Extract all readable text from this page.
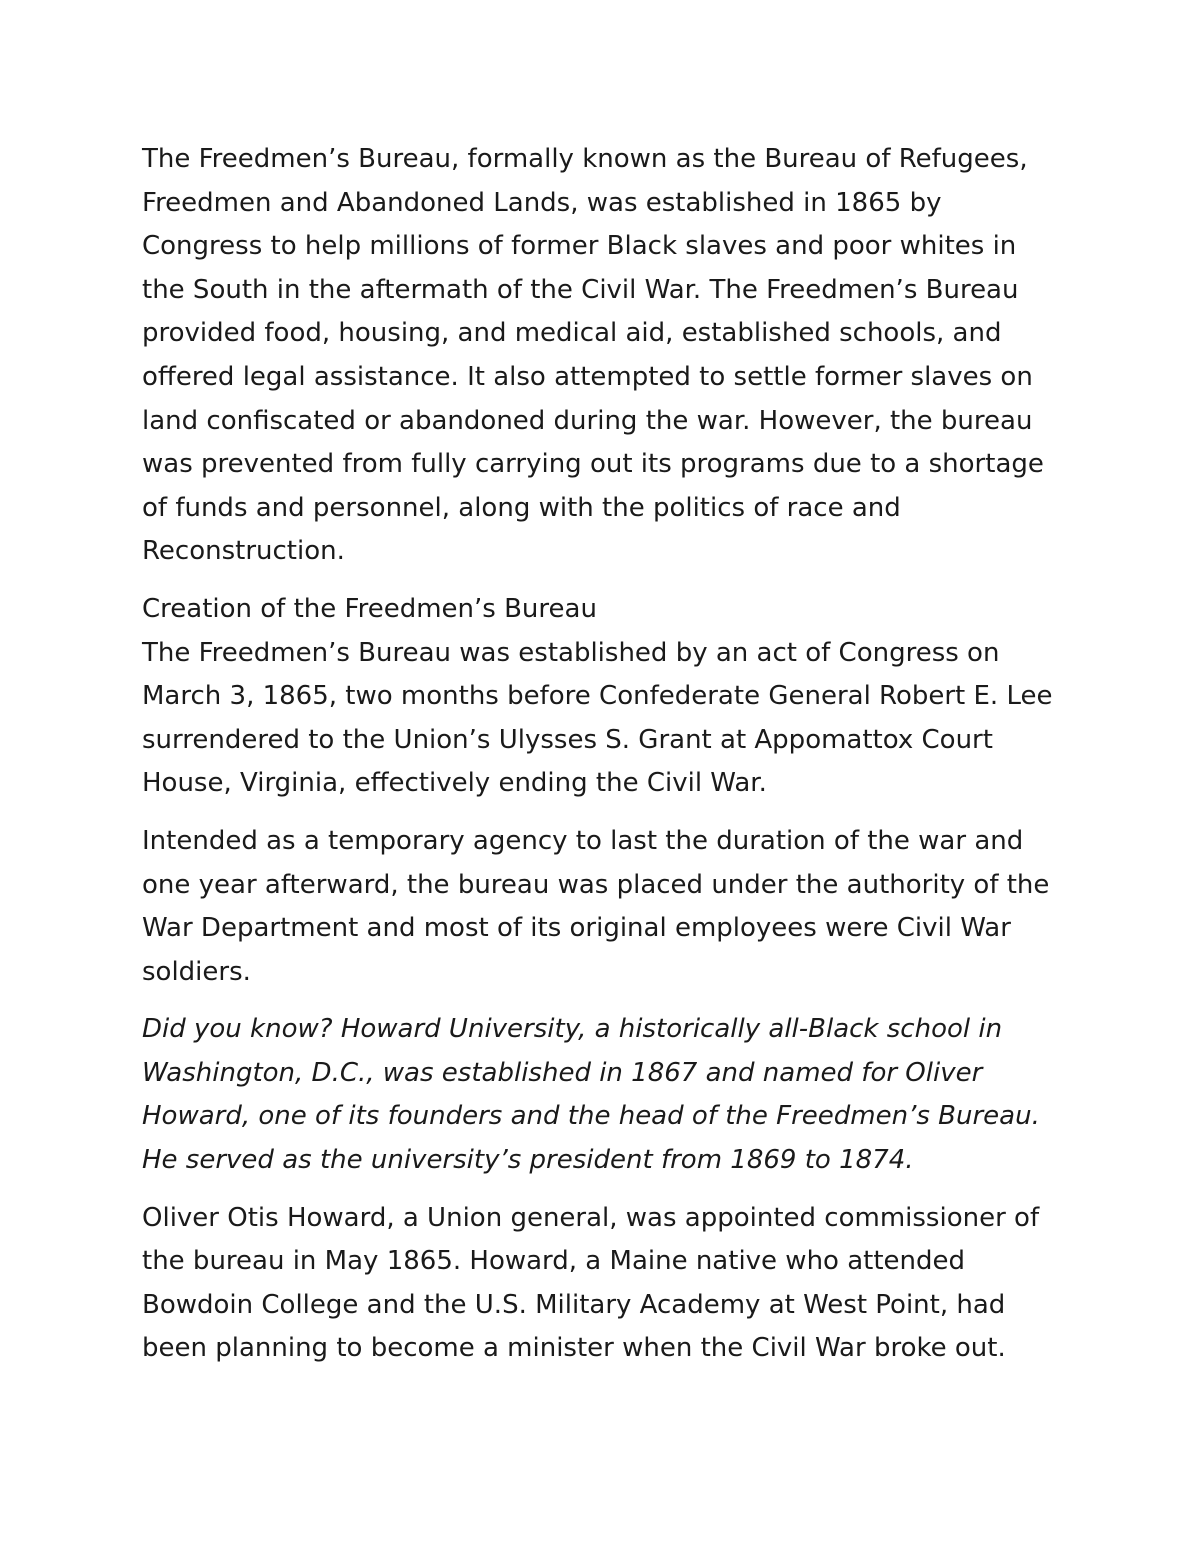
The Freedmen’s Bureau, formally known as the Bureau of Refugees, Freedmen and Abandoned Lands, was established in 1865 by Congress to help millions of former Black slaves and poor whites in the South in the aftermath of the Civil War. The Freedmen’s Bureau provided food, housing, and medical aid, established schools, and offered legal assistance. It also attempted to settle former slaves on land confiscated or abandoned during the war. However, the bureau was prevented from fully carrying out its programs due to a shortage of funds and personnel, along with the politics of race and Reconstruction.

Creation of the Freedmen’s Bureau

The Freedmen’s Bureau was established by an act of Congress on March 3, 1865, two months before Confederate General Robert E. Lee surrendered to the Union’s Ulysses S. Grant at Appomattox Court House, Virginia, effectively ending the Civil War.

Intended as a temporary agency to last the duration of the war and one year afterward, the bureau was placed under the authority of the War Department and most of its original employees were Civil War soldiers.

Did you know? Howard University, a historically all-Black school in Washington, D.C., was established in 1867 and named for Oliver Howard, one of its founders and the head of the Freedmen’s Bureau. He served as the university’s president from 1869 to 1874.

Oliver Otis Howard, a Union general, was appointed commissioner of the bureau in May 1865. Howard, a Maine native who attended Bowdoin College and the U.S. Military Academy at West Point, had been planning to become a minister when the Civil War broke out.
